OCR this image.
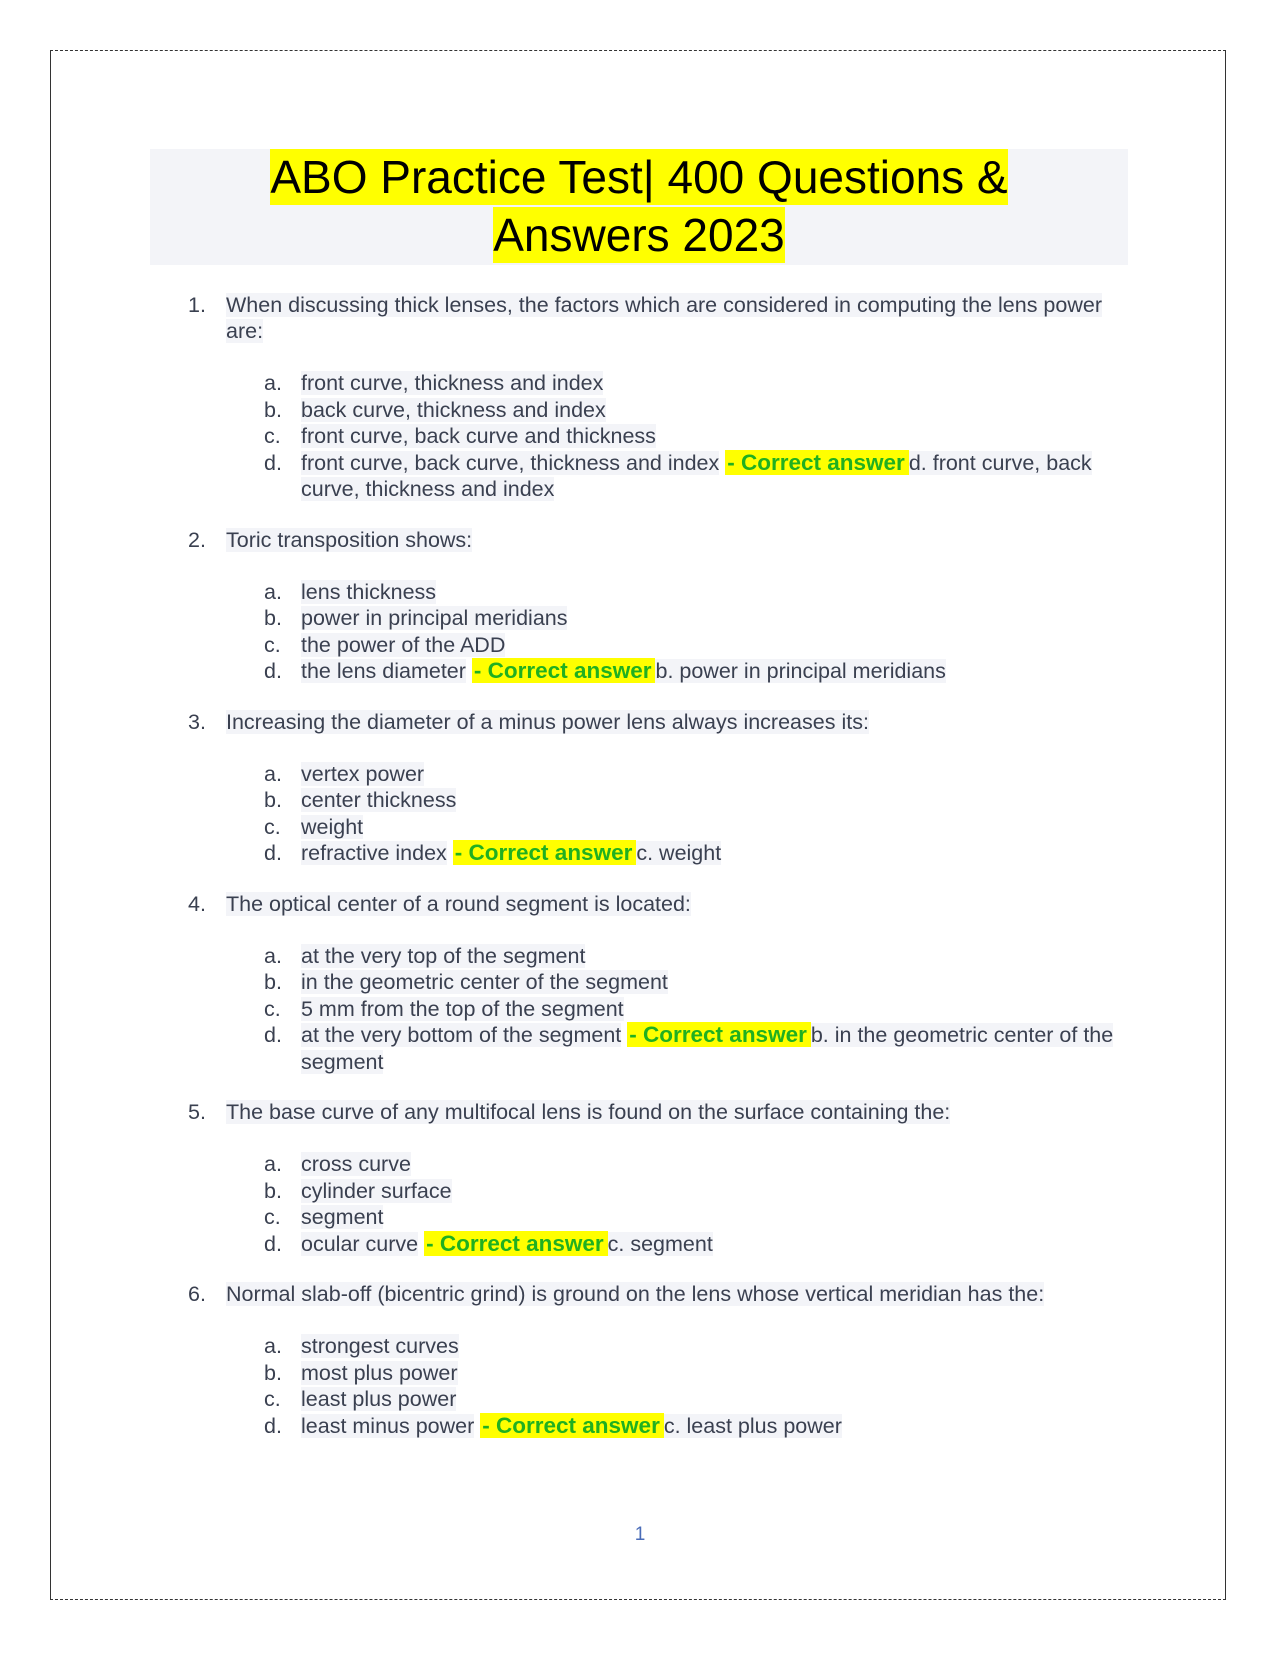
ABO Practice Test| 400 Questions &
Answers 2023
1. When discussing thick lenses, the factors which are considered in computing the lens power are:
a. front curve, thickness and index
b. back curve, thickness and index
c. front curve, back curve and thickness
d. front curve, back curve, thickness and index - Correct answer d. front curve, back curve, thickness and index
2. Toric transposition shows:
a. lens thickness
b. power in principal meridians
c. the power of the ADD
d. the lens diameter - Correct answer b. power in principal meridians
3. Increasing the diameter of a minus power lens always increases its:
a. vertex power
b. center thickness
c. weight
d. refractive index - Correct answer c. weight
4. The optical center of a round segment is located:
a. at the very top of the segment
b. in the geometric center of the segment
c. 5 mm from the top of the segment
d. at the very bottom of the segment - Correct answer b. in the geometric center of the segment
5. The base curve of any multifocal lens is found on the surface containing the:
a. cross curve
b. cylinder surface
c. segment
d. ocular curve - Correct answer c. segment
6. Normal slab-off (bicentric grind) is ground on the lens whose vertical meridian has the:
a. strongest curves
b. most plus power
c. least plus power
d. least minus power - Correct answer c. least plus power
1
